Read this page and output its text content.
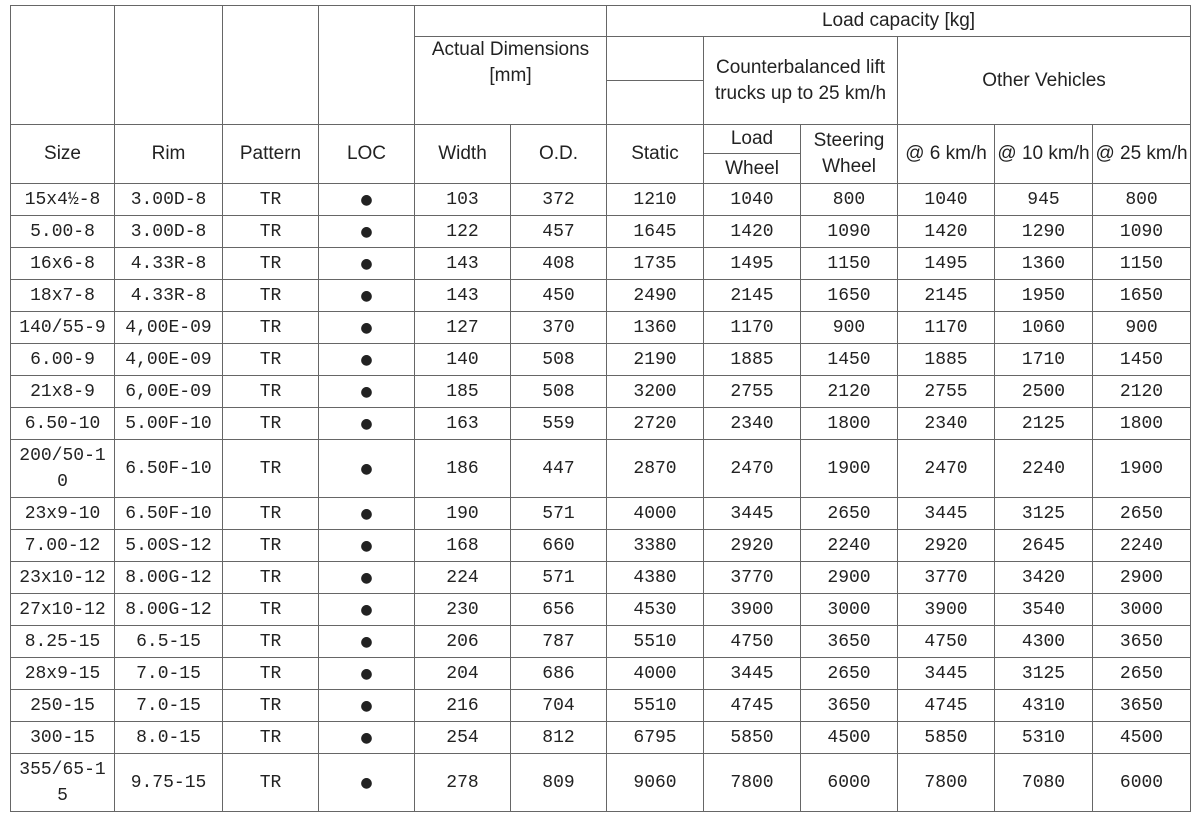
						Load capacity [kg]					
				Actual Dimensions [mm]			Counterbalanced lift trucks up to 25 km/h		Other Vehicles		

Size	Rim	Pattern	LOC	Width	O.D.	Static	Load	Steering Wheel	@ 6 km/h	@ 10 km/h	@ 25 km/h
							Wheel				
15x4½-8	3.00D-8	TR	●	103	372	1210	1040	800	1040	945	800
5.00-8	3.00D-8	TR	●	122	457	1645	1420	1090	1420	1290	1090
16x6-8	4.33R-8	TR	●	143	408	1735	1495	1150	1495	1360	1150
18x7-8	4.33R-8	TR	●	143	450	2490	2145	1650	2145	1950	1650
140/55-9	4,00E-09	TR	●	127	370	1360	1170	900	1170	1060	900
6.00-9	4,00E-09	TR	●	140	508	2190	1885	1450	1885	1710	1450
21x8-9	6,00E-09	TR	●	185	508	3200	2755	2120	2755	2500	2120
6.50-10	5.00F-10	TR	●	163	559	2720	2340	1800	2340	2125	1800
200/50-10	6.50F-10	TR	●	186	447	2870	2470	1900	2470	2240	1900
23x9-10	6.50F-10	TR	●	190	571	4000	3445	2650	3445	3125	2650
7.00-12	5.00S-12	TR	●	168	660	3380	2920	2240	2920	2645	2240
23x10-12	8.00G-12	TR	●	224	571	4380	3770	2900	3770	3420	2900
27x10-12	8.00G-12	TR	●	230	656	4530	3900	3000	3900	3540	3000
8.25-15	6.5-15	TR	●	206	787	5510	4750	3650	4750	4300	3650
28x9-15	7.0-15	TR	●	204	686	4000	3445	2650	3445	3125	2650
250-15	7.0-15	TR	●	216	704	5510	4745	3650	4745	4310	3650
300-15	8.0-15	TR	●	254	812	6795	5850	4500	5850	5310	4500
355/65-15	9.75-15	TR	●	278	809	9060	7800	6000	7800	7080	6000
